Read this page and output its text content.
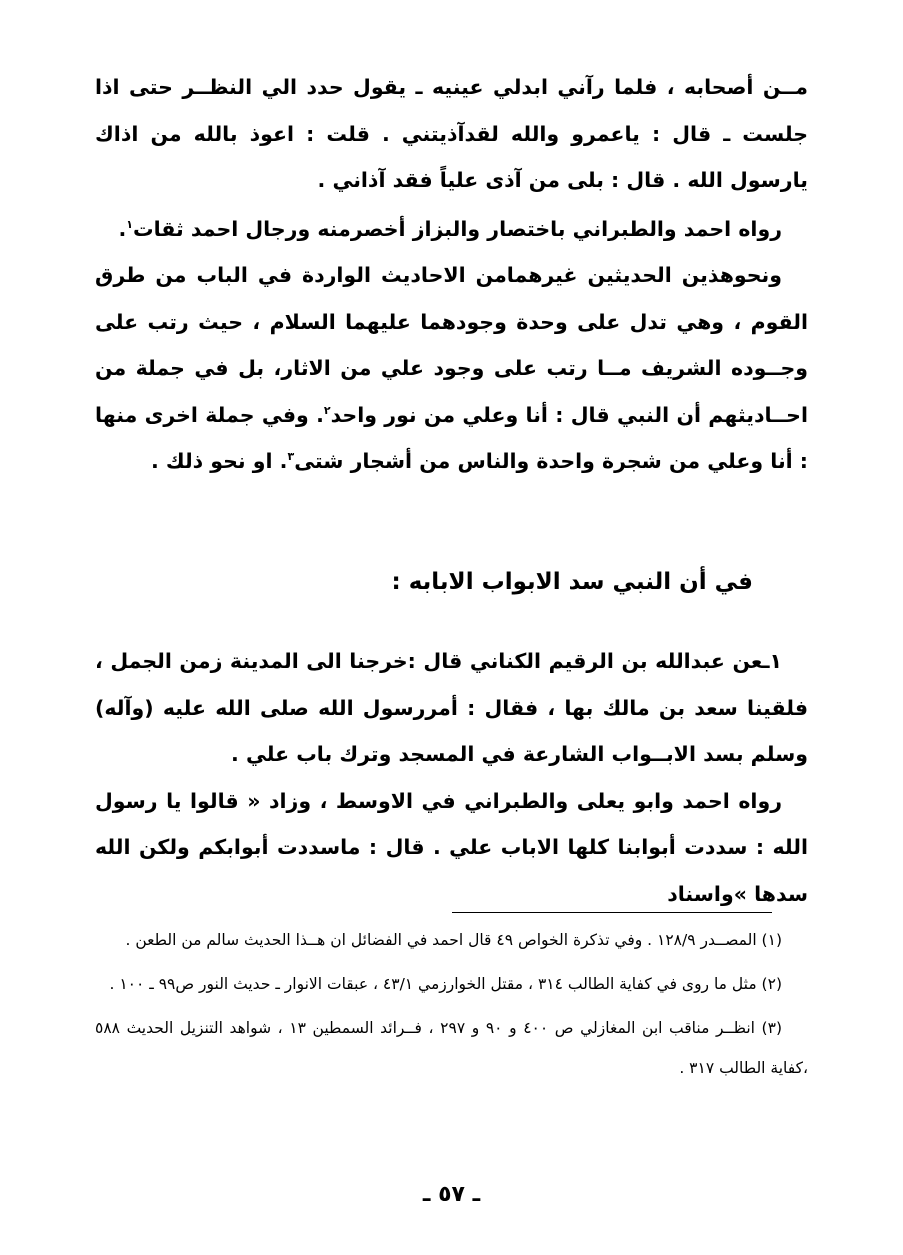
مــن أصحابه ، فلما رآني ابدلي عينيه ـ يقول حدد الي النظــر حتى اذا جلست ـ قال : ياعمرو والله لقدآذيتني . قلت : اعوذ بالله من اذاك يارسول الله . قال : بلى من آذى علياً فقد آذاني .

رواه احمد والطبراني باختصار والبزاز أخصرمنه ورجال احمد ثقات$^١$.

ونحوهذين الحديثين غيرهمامن الاحاديث الواردة في الباب من طرق القوم ، وهي تدل على وحدة وجودهما عليهما السلام ، حيث رتب على وجــوده الشريف مــا رتب على وجود علي من الاثار، بل في جملة من احــاديثهم أن النبي قال : أنا وعلي من نور واحد$^٢$. وفي جملة اخرى منها : أنا وعلي من شجرة واحدة والناس من أشجار شتى$^٣$. او نحو ذلك .

في أن النبي سد الابواب الابابه :

١ـعن عبدالله بن الرقيم الكناني قال :خرجنا الى المدينة زمن الجمل ، فلقينا سعد بن مالك بها ، فقال : أمررسول الله صلى الله عليه (وآله) وسلم بسد الابــواب الشارعة في المسجد وترك باب علي .

رواه احمد وابو يعلى والطبراني في الاوسط ، وزاد « قالوا يا رسول الله : سددت أبوابنا كلها الاباب علي . قال : ماسددت أبوابكم ولكن الله سدها »واسناد

(١) المصــدر ١٢٨/٩ . وفي تذكرة الخواص ٤٩ قال احمد في الفضائل ان هــذا الحديث سالم من الطعن .

(٢) مثل ما روى في كفاية الطالب ٣١٤ ، مقتل الخوارزمي ٤٣/١ ، عبقات الانوار ـ حديث النور ص٩٩ ـ ١٠٠ .

(٣) انظــر مناقب ابن المغازلي ص ٤٠٠ و ٩٠ و ٢٩٧ ، فــرائد السمطين ١٣ ، شواهد التنزيل الحديث ٥٨٨ ،كفاية الطالب ٣١٧ .

ـ ٥٧ ـ
